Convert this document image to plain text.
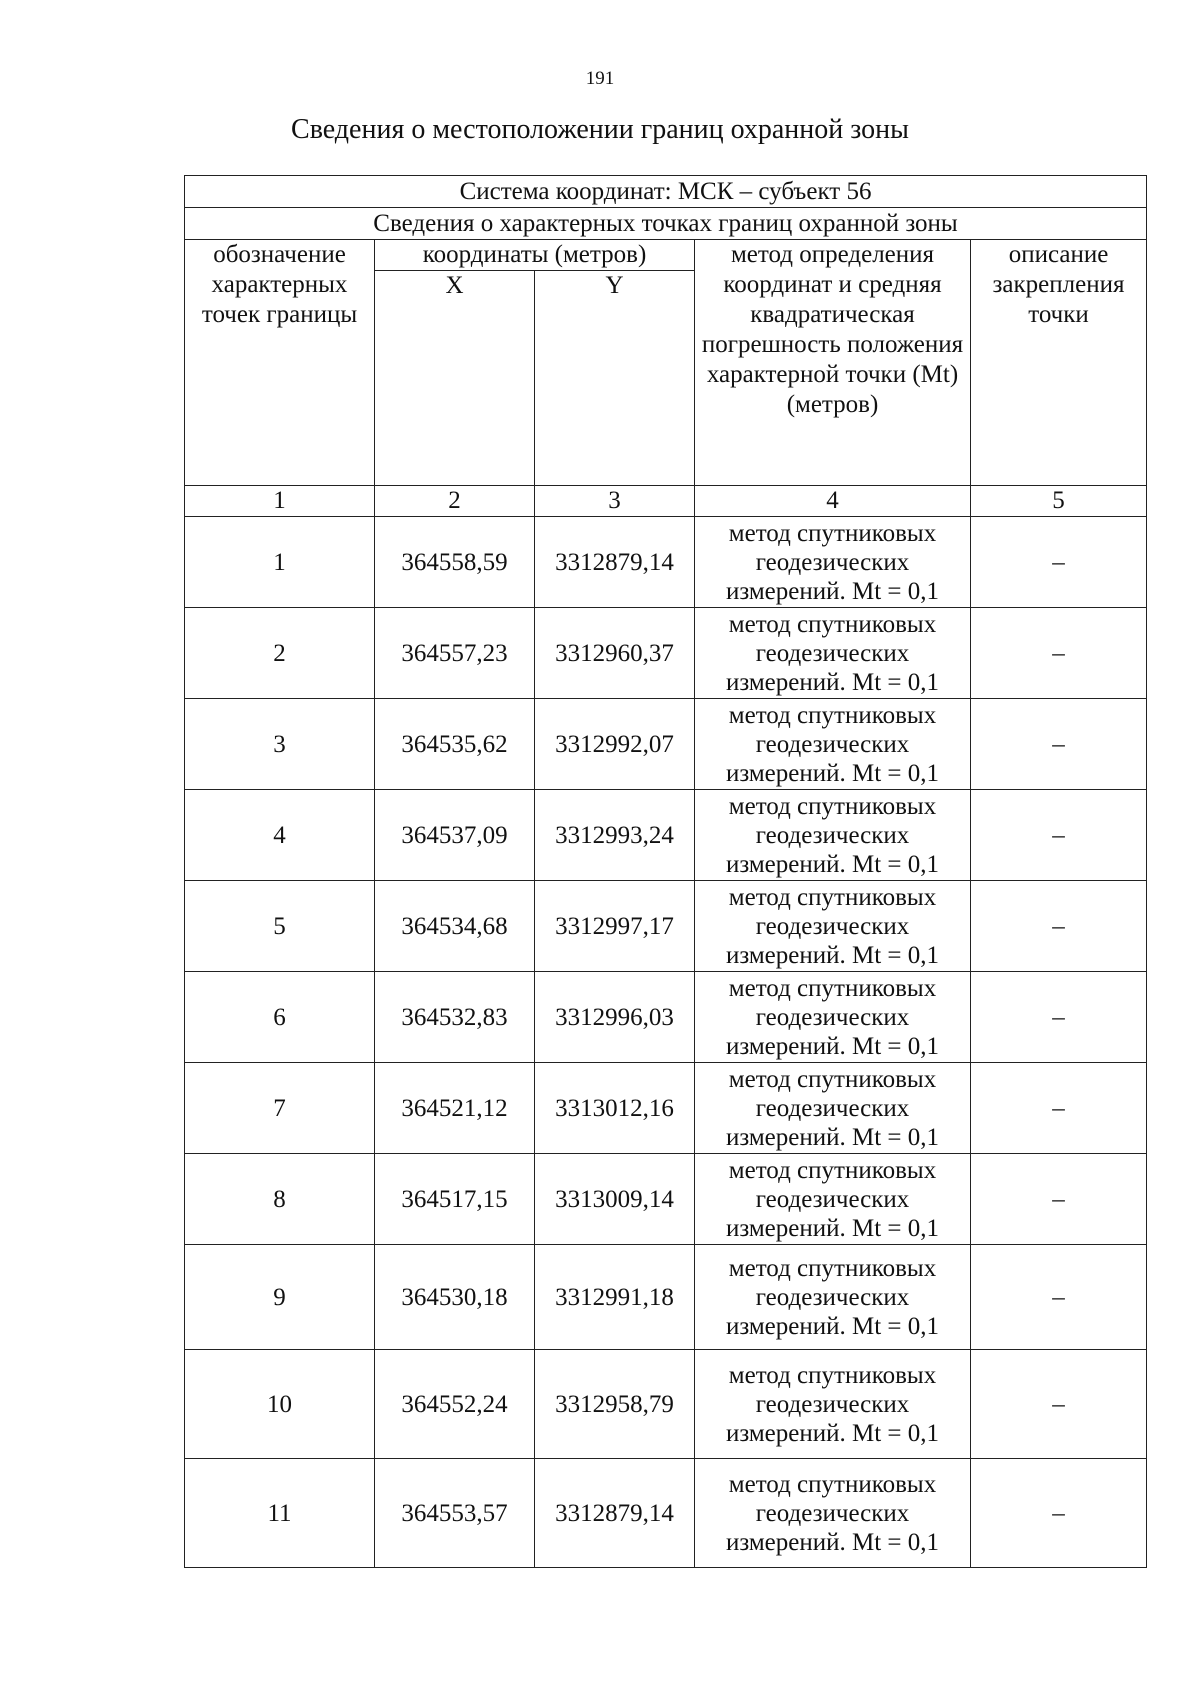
191
Сведения о местоположении границ охранной зоны
Система координат: МСК – субъект 56				
Сведения о характерных точках границ охранной зоны				
обозначение характерных точек границы	координаты (метров)		метод определения координат и средняя квадратическая погрешность положения характерной точки (Mt) (метров)	описание закрепления точки
	X	Y		
1	2	3	4	5
1	364558,59	3312879,14	метод спутниковых геодезических измерений. Mt = 0,1	–
2	364557,23	3312960,37	метод спутниковых геодезических измерений. Mt = 0,1	–
3	364535,62	3312992,07	метод спутниковых геодезических измерений. Mt = 0,1	–
4	364537,09	3312993,24	метод спутниковых геодезических измерений. Mt = 0,1	–
5	364534,68	3312997,17	метод спутниковых геодезических измерений. Mt = 0,1	–
6	364532,83	3312996,03	метод спутниковых геодезических измерений. Mt = 0,1	–
7	364521,12	3313012,16	метод спутниковых геодезических измерений. Mt = 0,1	–
8	364517,15	3313009,14	метод спутниковых геодезических измерений. Mt = 0,1	–
9	364530,18	3312991,18	метод спутниковых геодезических измерений. Mt = 0,1	–
10	364552,24	3312958,79	метод спутниковых геодезических измерений. Mt = 0,1	–
11	364553,57	3312879,14	метод спутниковых геодезических измерений. Mt = 0,1	–
